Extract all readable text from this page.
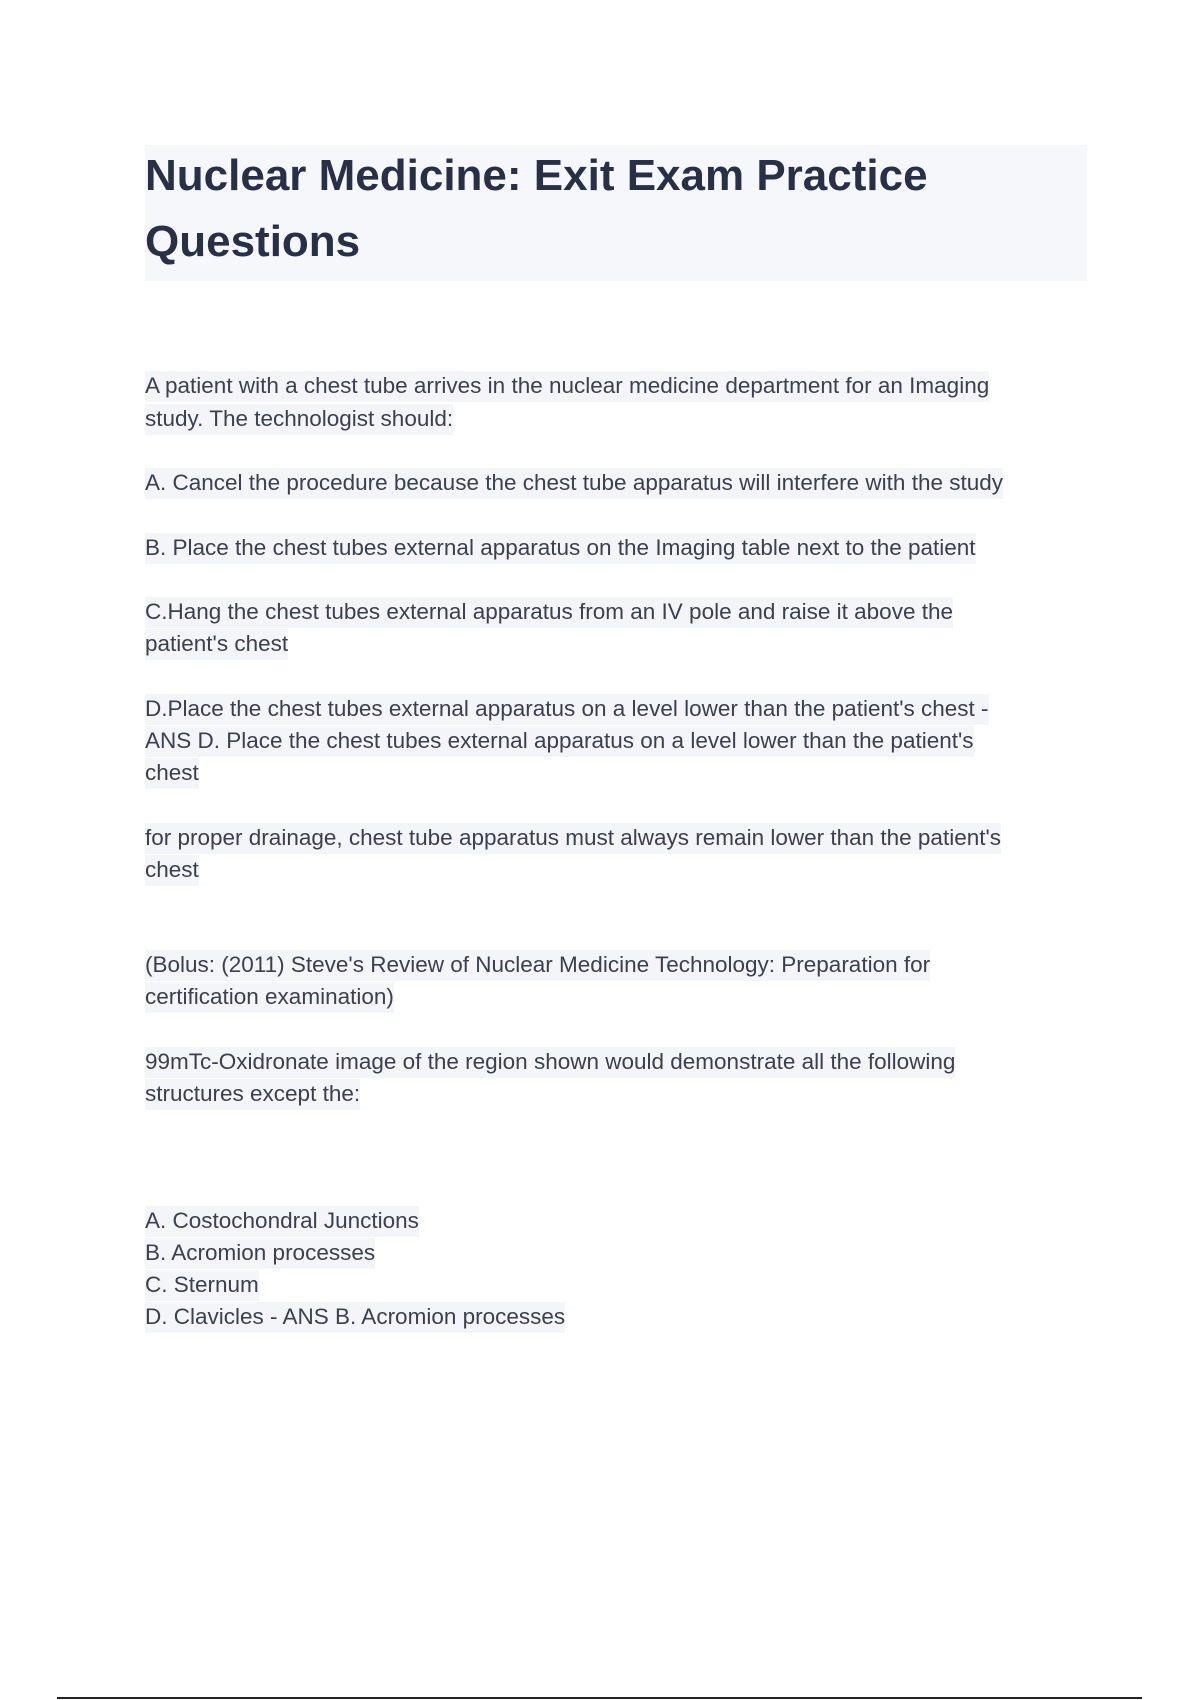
Nuclear Medicine: Exit Exam Practice
Questions
A patient with a chest tube arrives in the nuclear medicine department for an Imaging
study. The technologist should:
A. Cancel the procedure because the chest tube apparatus will interfere with the study
B. Place the chest tubes external apparatus on the Imaging table next to the patient
C.Hang the chest tubes external apparatus from an IV pole and raise it above the
patient's chest
D.Place the chest tubes external apparatus on a level lower than the patient's chest -
ANS D. Place the chest tubes external apparatus on a level lower than the patient's
chest
for proper drainage, chest tube apparatus must always remain lower than the patient's
chest
(Bolus: (2011) Steve's Review of Nuclear Medicine Technology: Preparation for
certification examination)
99mTc-Oxidronate image of the region shown would demonstrate all the following
structures except the:
A. Costochondral Junctions
B. Acromion processes
C. Sternum
D. Clavicles - ANS B. Acromion processes
